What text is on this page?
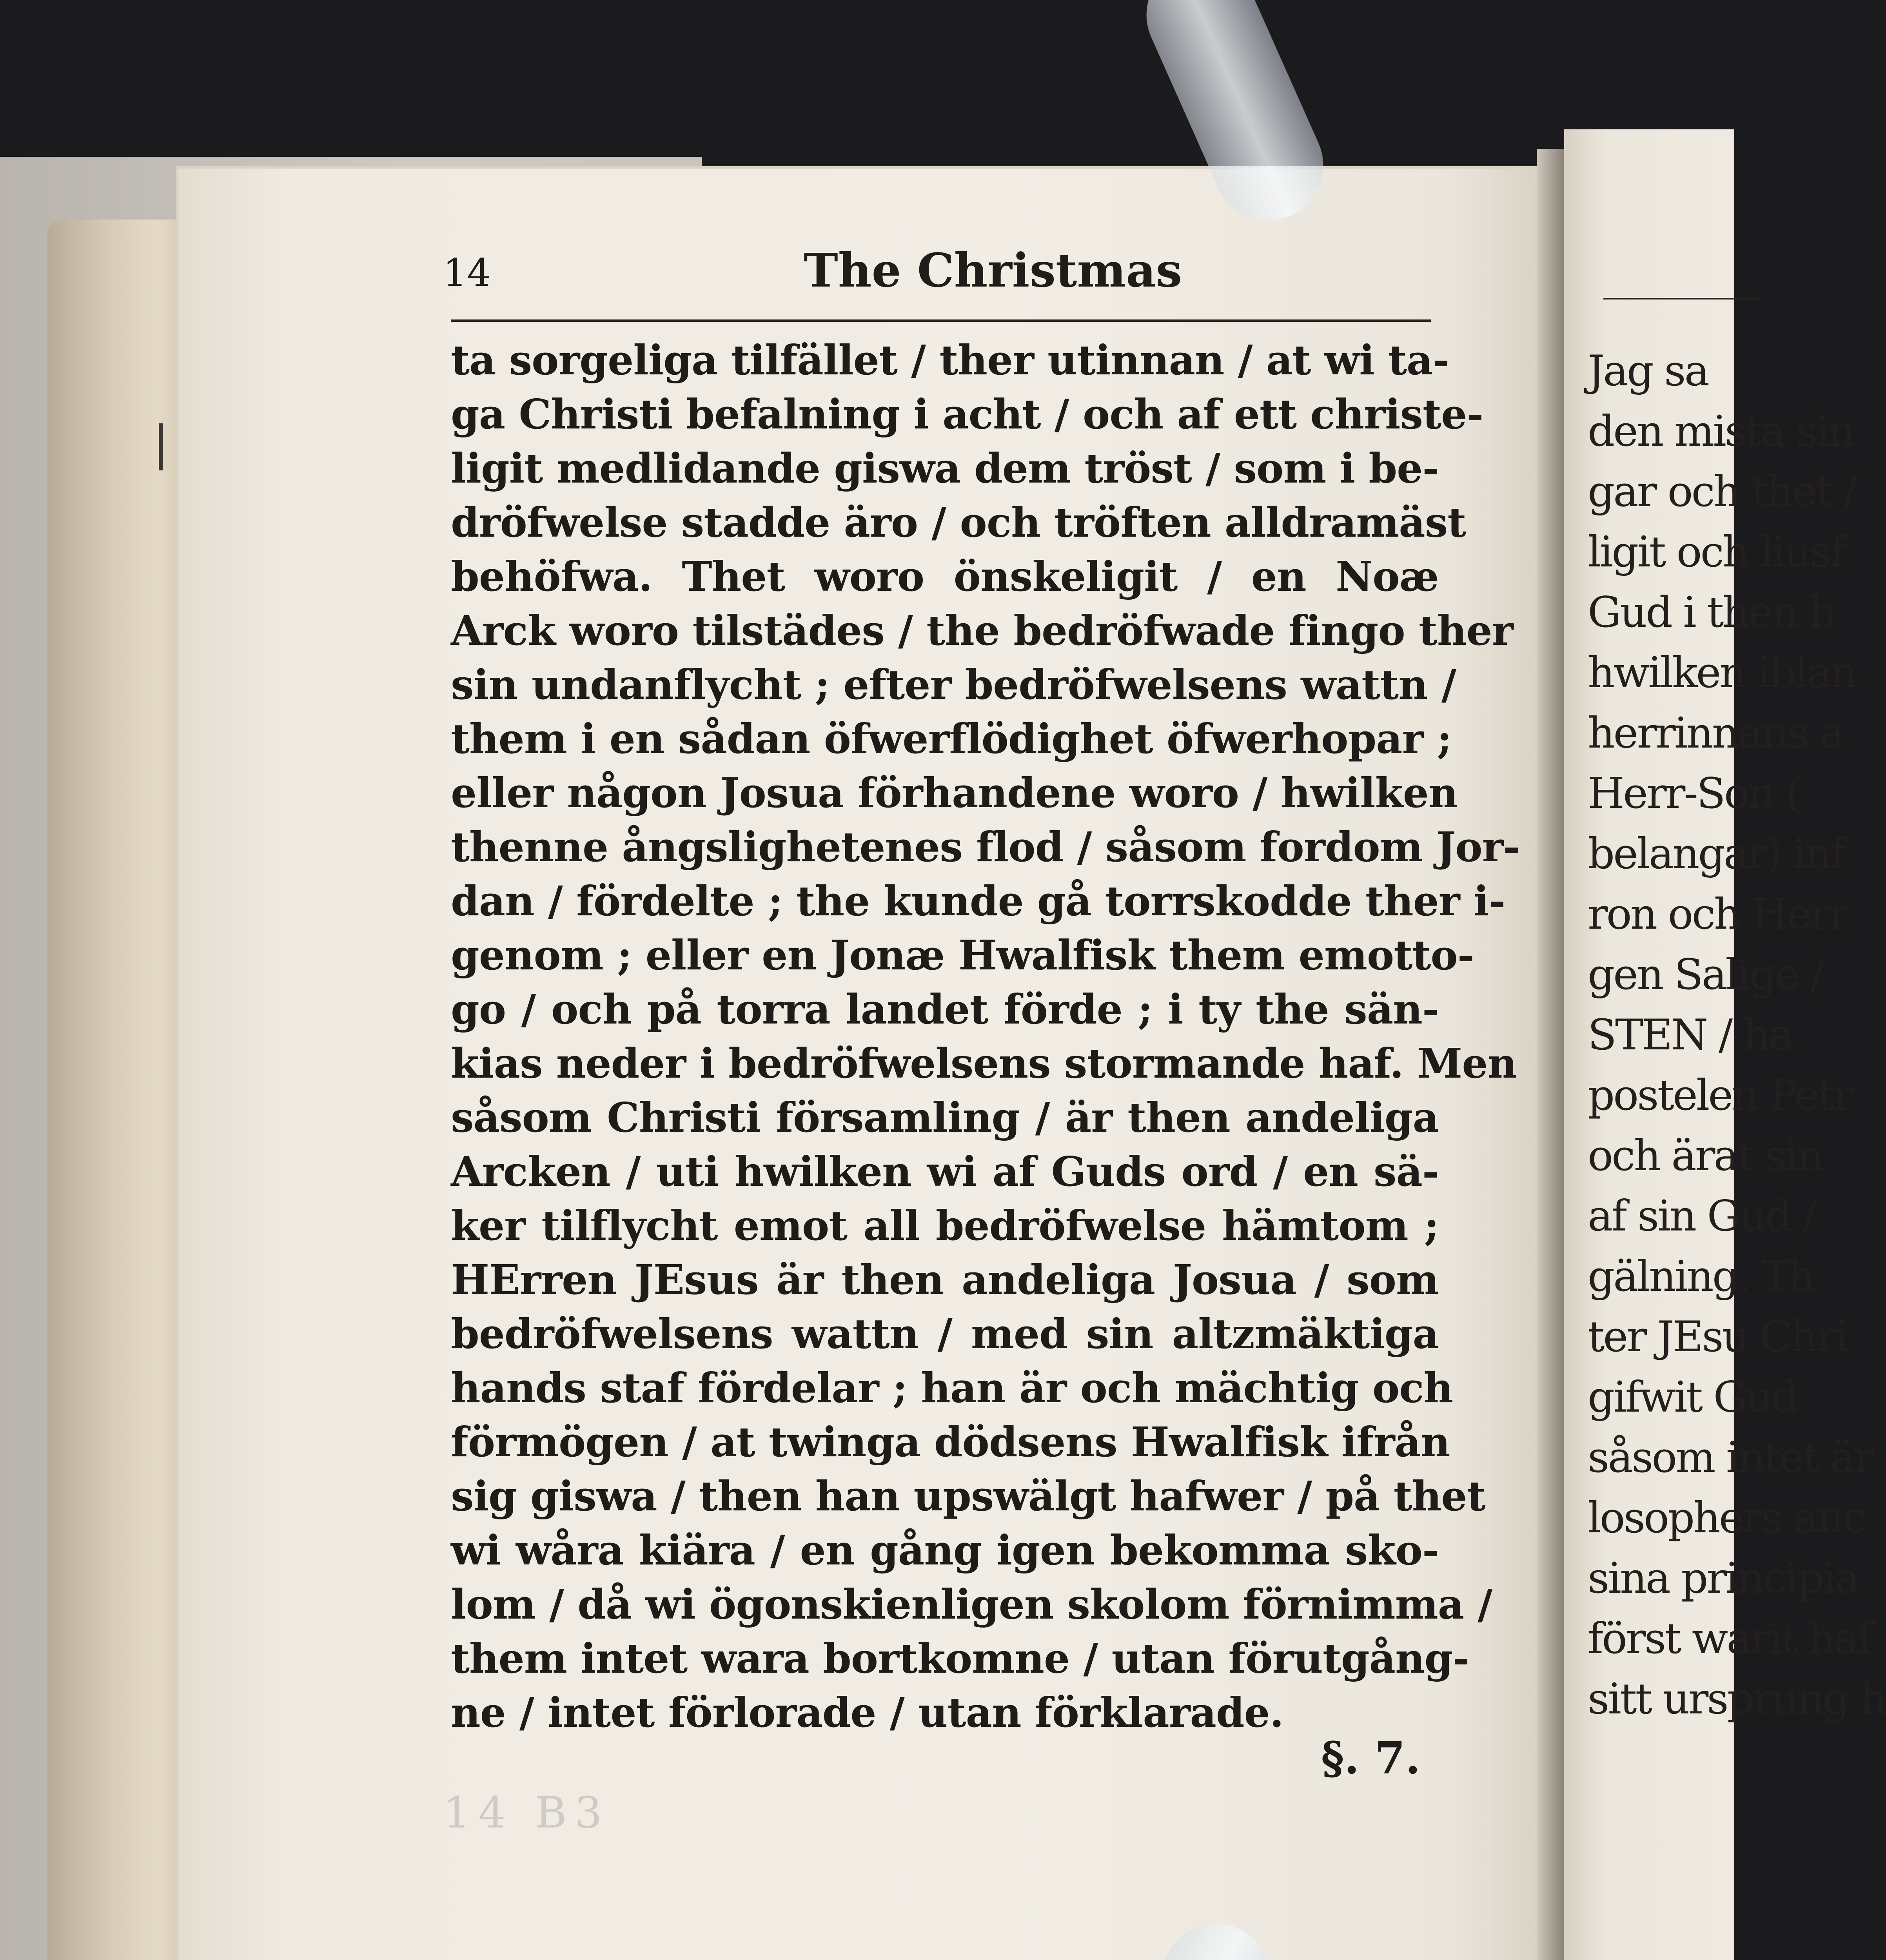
14	The Christmas
ta sorgeliga tilfället / ther utinnan / at wi ta-
ga Christi befalning i acht / och af ett christe-
ligit medlidande giswa dem tröst / som i be-
dröfwelse stadde äro / och tröften alldramäst
behöfwa. Thet woro önskeligit / en Noæ
Arck woro tilstädes / the bedröfwade fingo ther
sin undanflycht ; efter bedröfwelsens wattn /
them i en sådan öfwerflödighet öfwerhopar ;
eller någon Josua förhandene woro / hwilken
thenne ångslighetenes flod / såsom fordom Jor-
dan / fördelte ; the kunde gå torrskodde ther i-
genom ; eller en Jonæ Hwalfisk them emotto-
go / och på torra landet förde ; i ty the sän-
kias neder i bedröfwelsens stormande haf. Men
såsom Christi församling / är then andeliga
Arcken / uti hwilken wi af Guds ord / en sä-
ker tilflycht emot all bedröfwelse hämtom ;
HErren JEsus är then andeliga Josua / som
bedröfwelsens wattn / med sin altzmäktiga
hands staf fördelar ; han är och mächtig och
förmögen / at twinga dödsens Hwalfisk ifrån
sig giswa / then han upswälgt hafwer / på thet
wi wåra kiära / en gång igen bekomma sko-
lom / då wi ögonskienligen skolom förnimma /
them intet wara bortkomne / utan förutgång-
ne / intet förlorade / utan förklarade.
§. 7.
14 B3
Jag sa
den mista sin
gar och thet /
ligit och liusf
Gud i then h
hwilken iblan
herrinnans a
Herr-Son (
belangar) inf
ron och Herr
gen Salige /
STEN / ha
postelen Petr
och ärat sin
af sin Gud /
gälning. Th
ter JEsu Chri
gifwit Gud
såsom intet är
losophers anc
sina principia
först warit haf
sitt ursprung h
